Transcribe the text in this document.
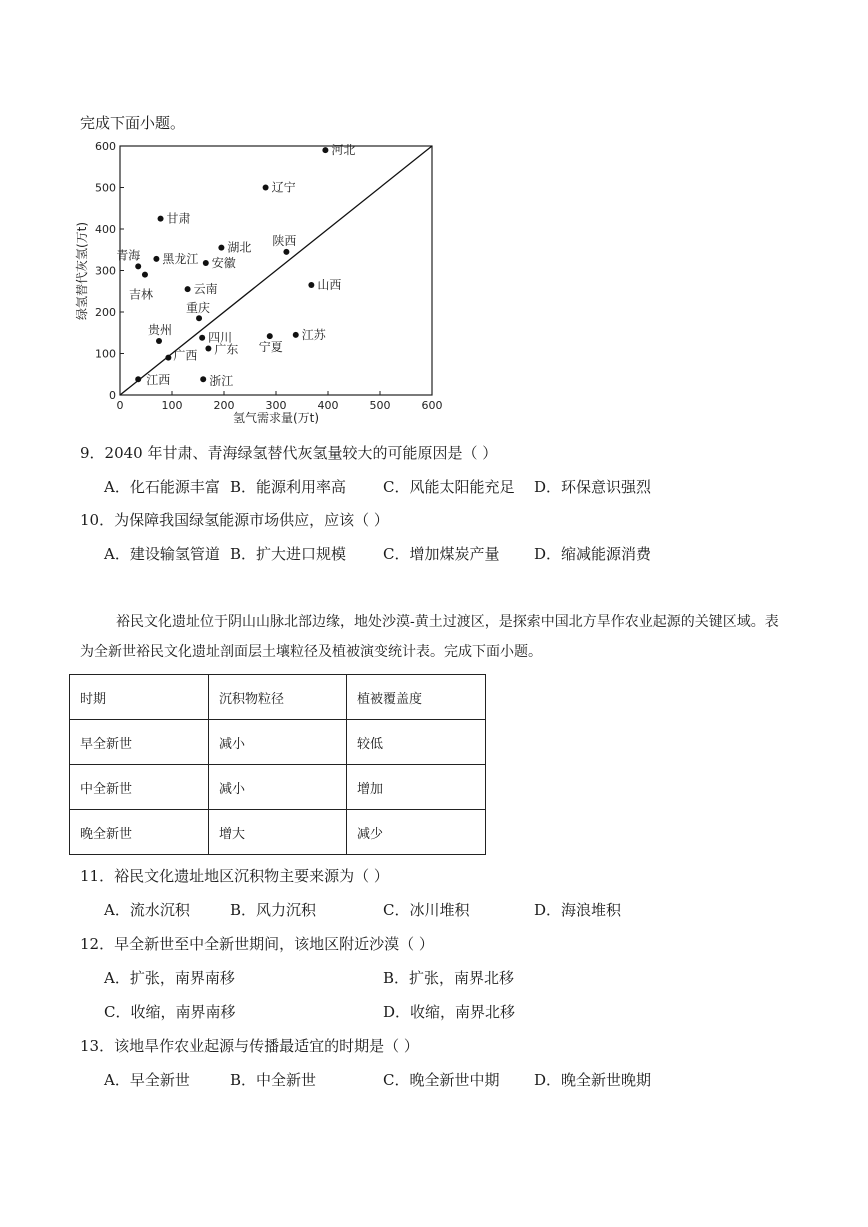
完成下面小题。
0	100	200	300	400	500	600
0
100
200
300
400
500
600	河北
辽宁
甘肃
湖北 陕西
青海 黑龙江 安徽
吉林	云南	山西
重庆
贵州
四川
广东
广西
宁夏
江苏
江西	浙江
氢气需求量(万t)
绿氢替代灰氢(万t)
9．2040 年甘肃、青海绿氢替代灰氢量较大的可能原因是（ ）
A．化石能源丰富 B．能源利用率高 C．风能太阳能充足 D．环保意识强烈
10．为保障我国绿氢能源市场供应，应该（ ）
A．建设输氢管道 B．扩大进口规模 C．增加煤炭产量 D．缩减能源消费
裕民文化遗址位于阴山山脉北部边缘，地处沙漠-黄土过渡区，是探索中国北方旱作农业起源的关键区域。表为全新世裕民文化遗址剖面层土壤粒径及植被演变统计表。完成下面小题。
时期	沉积物粒径	植被覆盖度
早全新世	减小	较低
中全新世	减小	增加
晚全新世	增大	减少
11．裕民文化遗址地区沉积物主要来源为（ ）
A．流水沉积	B．风力沉积	C．冰川堆积	D．海浪堆积
12．早全新世至中全新世期间，该地区附近沙漠（ ）
A．扩张，南界南移	B．扩张，南界北移
C．收缩，南界南移	D．收缩，南界北移
13．该地旱作农业起源与传播最适宜的时期是（ ）
A．早全新世	B．中全新世	C．晚全新世中期 D．晚全新世晚期
